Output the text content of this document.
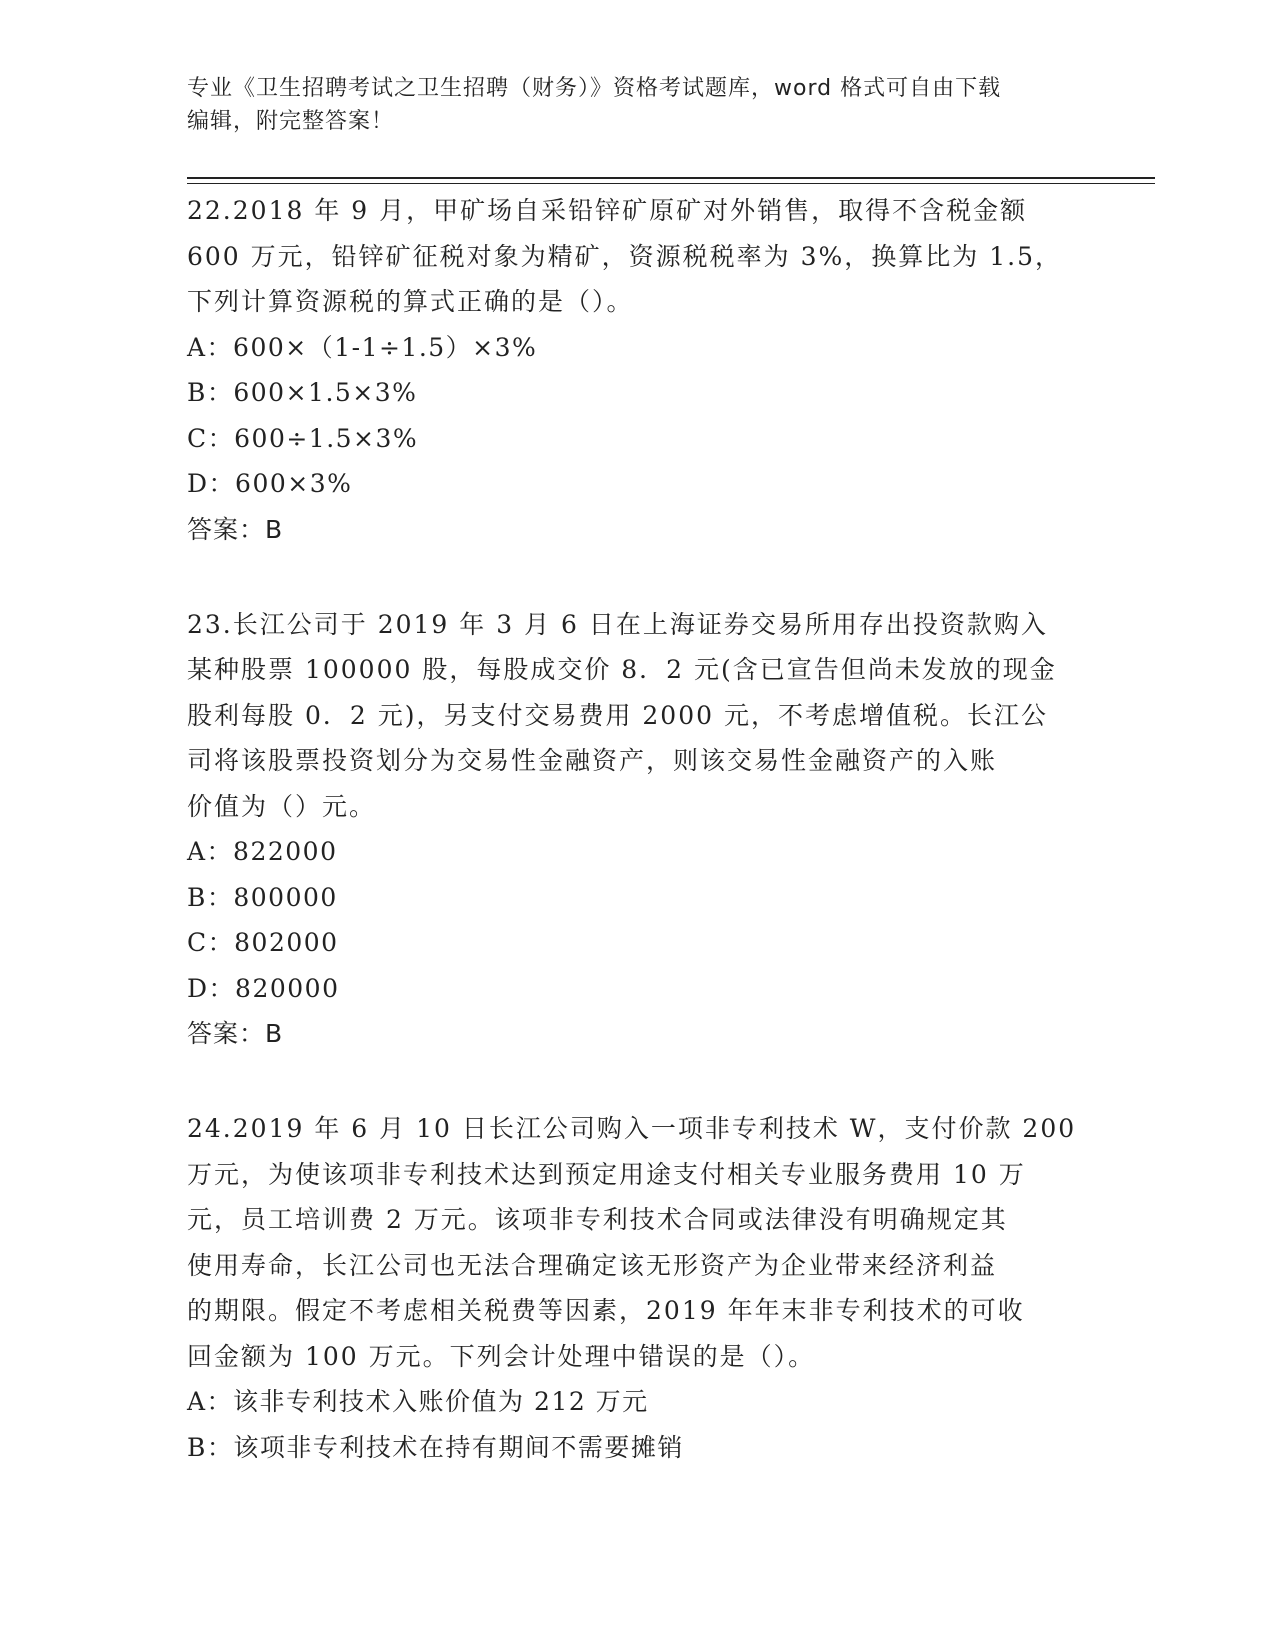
专业《卫生招聘考试之卫生招聘（财务）》资格考试题库，word 格式可自由下载
编辑，附完整答案！

22.2018 年 9 月，甲矿场自采铅锌矿原矿对外销售，取得不含税金额

600 万元，铅锌矿征税对象为精矿，资源税税率为 3%，换算比为 1.5，

下列计算资源税的算式正确的是（）。

A：600×（1-1÷1.5）×3%

B：600×1.5×3%

C：600÷1.5×3%

D：600×3%

答案：B

23.长江公司于 2019 年 3 月 6 日在上海证券交易所用存出投资款购入

某种股票 100000 股，每股成交价 8．2 元(含已宣告但尚未发放的现金

股利每股 0．2 元)，另支付交易费用 2000 元，不考虑增值税。长江公

司将该股票投资划分为交易性金融资产，则该交易性金融资产的入账

价值为（）元。

A：822000

B：800000

C：802000

D：820000

答案：B

24.2019 年 6 月 10 日长江公司购入一项非专利技术 W，支付价款 200

万元，为使该项非专利技术达到预定用途支付相关专业服务费用 10 万

元，员工培训费 2 万元。该项非专利技术合同或法律没有明确规定其

使用寿命，长江公司也无法合理确定该无形资产为企业带来经济利益

的期限。假定不考虑相关税费等因素，2019 年年末非专利技术的可收

回金额为 100 万元。下列会计处理中错误的是（）。

A：该非专利技术入账价值为 212 万元

B：该项非专利技术在持有期间不需要摊销
